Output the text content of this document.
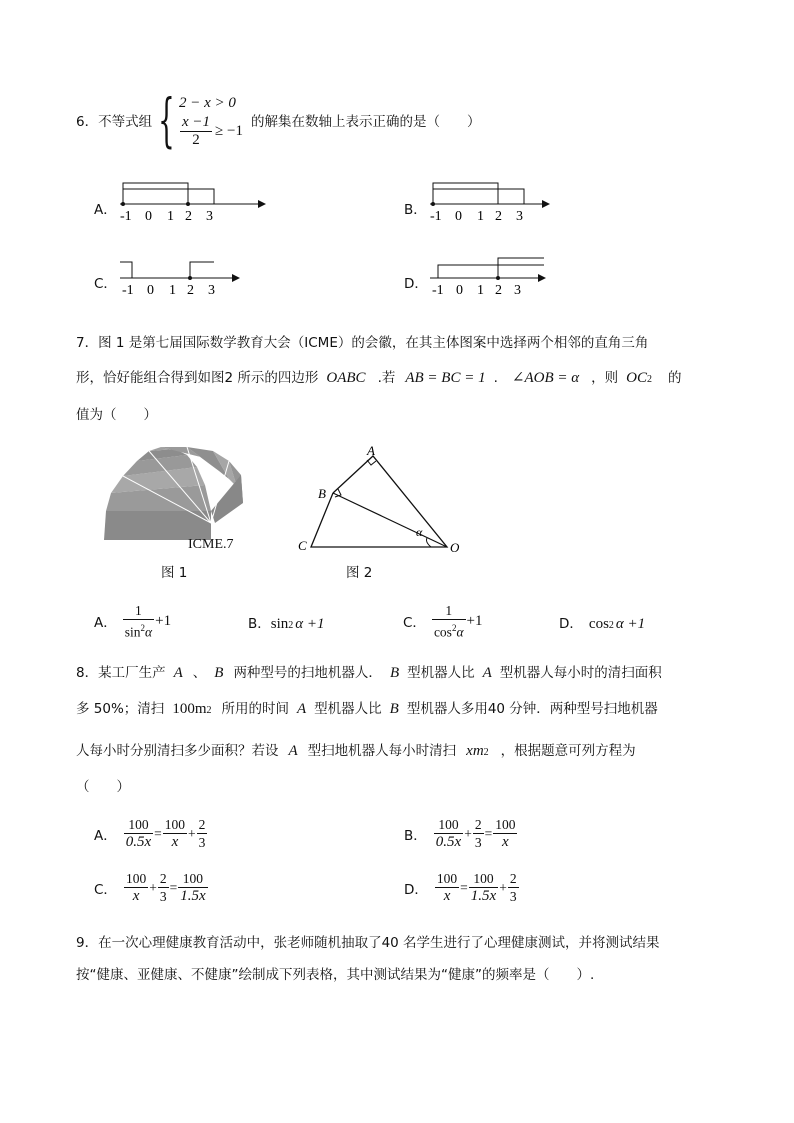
6．不等式组 { 2 − x > 0
$\frac{x -1}{2} \ge -1$
的解集在数轴上表示正确的是（　　）
A． -1 0 1 2 3	B． -1 0 1 2 3
C． -1 0 1 2 3	D． -1 0 1 2 3
7．图 1 是第七届国际数学教育大会（ICME）的会徽，在其主体图案中选择两个相邻的直角三角
形，恰好能组合得到如图2 所示的四边形 OABC .若 AB = BC = 1 . ∠AOB = α ，则 OC 2 的
值为（　　）
ICME.7
图 1
A
B
C	O
α
图 2
A． $\frac{1}{\sin^2\alpha} +1$	B． sin 2 α +1	C． $\frac{1}{\cos^2\alpha} +1$	D． cos 2 α +1
8．某工厂生产 A 、 B 两种型号的扫地机器人． B 型机器人比 A 型机器人每小时的清扫面积
多 50%；清扫 100m 2 所用的时间 A 型机器人比 B 型机器人多用40 分钟．两种型号扫地机器
人每小时分别清扫多少面积？若设 A 型扫地机器人每小时清扫 xm 2 ，根据题意可列方程为
（　　）
A． $\frac{100}{0.5x} = \frac{100}{x} + \frac{2}{3}$	B． $\frac{100}{0.5x} + \frac{2}{3} = \frac{100}{x}$
C． $\frac{100}{x} + \frac{2}{3} = \frac{100}{1.5x}$	D． $\frac{100}{x} = \frac{100}{1.5x} + \frac{2}{3}$
9．在一次心理健康教育活动中，张老师随机抽取了40 名学生进行了心理健康测试，并将测试结果
按“健康、亚健康、不健康”绘制成下列表格，其中测试结果为“健康”的频率是（　　）.
